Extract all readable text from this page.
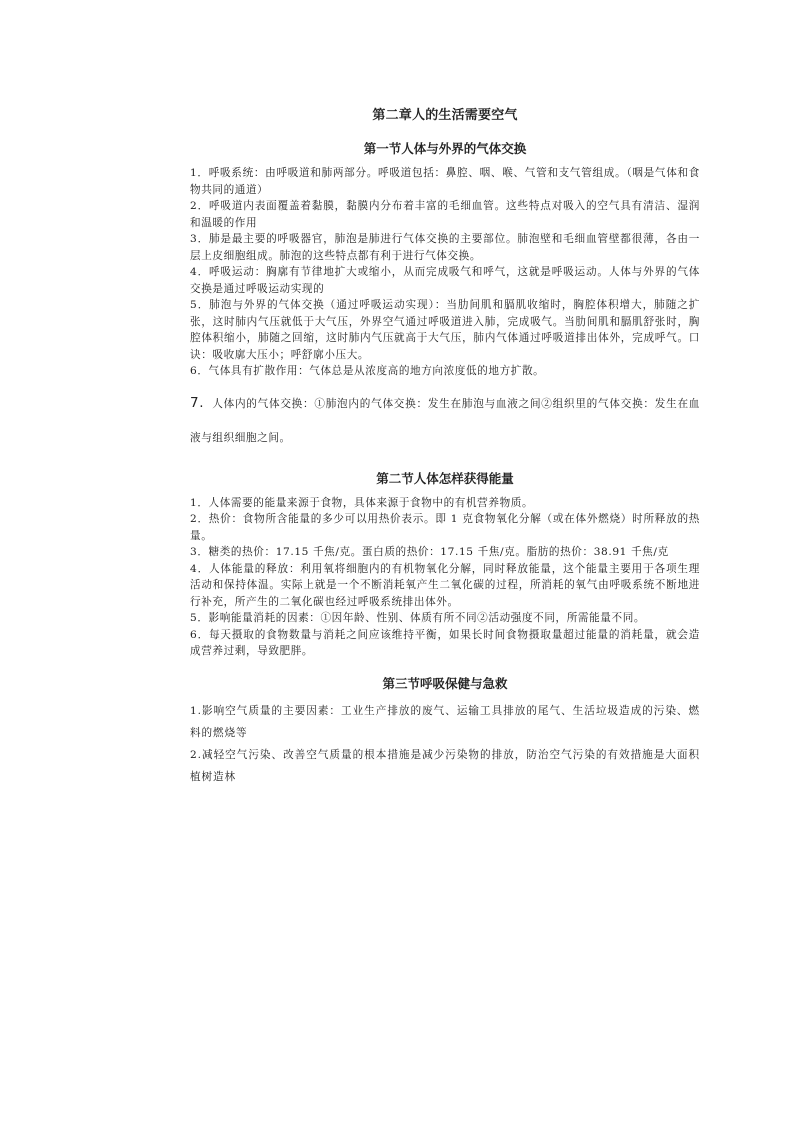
第二章人的生活需要空气
第一节人体与外界的气体交换

1．呼吸系统：由呼吸道和肺两部分。呼吸道包括：鼻腔、咽、喉、气管和支气管组成。（咽是气体和食物共同的通道）

2．呼吸道内表面覆盖着黏膜，黏膜内分布着丰富的毛细血管。这些特点对吸入的空气具有清洁、湿润和温暖的作用

3．肺是最主要的呼吸器官，肺泡是肺进行气体交换的主要部位。肺泡壁和毛细血管壁都很薄，各由一层上皮细胞组成。肺泡的这些特点都有利于进行气体交换。

4．呼吸运动：胸廓有节律地扩大或缩小，从而完成吸气和呼气，这就是呼吸运动。人体与外界的气体交换是通过呼吸运动实现的

5．肺泡与外界的气体交换（通过呼吸运动实现）：当肋间肌和膈肌收缩时，胸腔体积增大，肺随之扩张，这时肺内气压就低于大气压，外界空气通过呼吸道进入肺，完成吸气。当肋间肌和膈肌舒张时，胸腔体积缩小，肺随之回缩，这时肺内气压就高于大气压，肺内气体通过呼吸道排出体外，完成呼气。口诀：吸收廓大压小；呼舒廓小压大。

6．气体具有扩散作用：气体总是从浓度高的地方向浓度低的地方扩散。

7. 人体内的气体交换：①肺泡内的气体交换：发生在肺泡与血液之间②组织里的气体交换：发生在血液与组织细胞之间。

第二节人体怎样获得能量

1．人体需要的能量来源于食物，具体来源于食物中的有机营养物质。

2．热价：食物所含能量的多少可以用热价表示。即 1 克食物氧化分解（或在体外燃烧）时所释放的热量。

3．糖类的热价：17.15 千焦/克。蛋白质的热价：17.15 千焦/克。脂肪的热价：38.91 千焦/克

4．人体能量的释放：利用氧将细胞内的有机物氧化分解，同时释放能量，这个能量主要用于各项生理活动和保持体温。实际上就是一个不断消耗氧产生二氧化碳的过程，所消耗的氧气由呼吸系统不断地进行补充，所产生的二氧化碳也经过呼吸系统排出体外。

5．影响能量消耗的因素：①因年龄、性别、体质有所不同②活动强度不同，所需能量不同。

6．每天摄取的食物数量与消耗之间应该维持平衡，如果长时间食物摄取量超过能量的消耗量，就会造成营养过剩，导致肥胖。

第三节呼吸保健与急救

1.影响空气质量的主要因素：工业生产排放的废气、运输工具排放的尾气、生活垃圾造成的污染、燃料的燃烧等

2.减轻空气污染、改善空气质量的根本措施是减少污染物的排放，防治空气污染的有效措施是大面积植树造林
